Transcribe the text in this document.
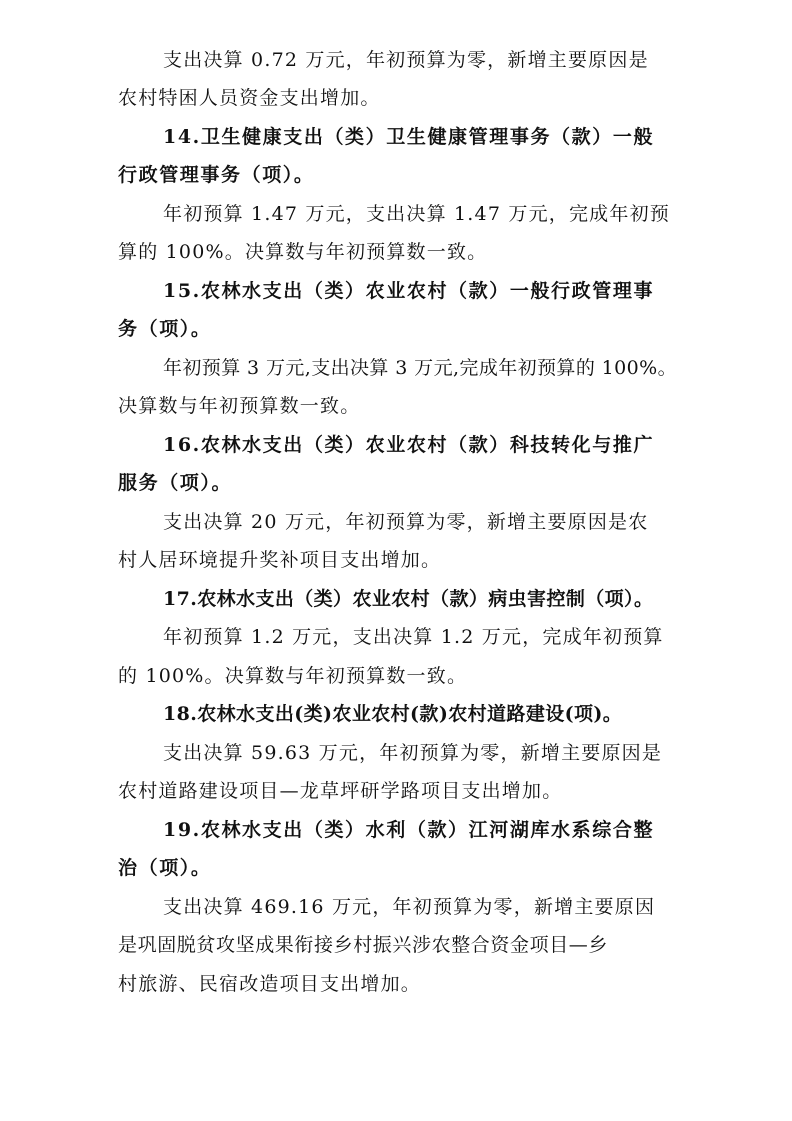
支出决算 0.72 万元，年初预算为零，新增主要原因是
农村特困人员资金支出增加。
14.卫生健康支出（类）卫生健康管理事务（款）一般
行政管理事务（项）。
年初预算 1.47 万元，支出决算 1.47 万元，完成年初预
算的 100%。决算数与年初预算数一致。
15.农林水支出（类）农业农村（款）一般行政管理事
务（项）。
年初预算 3 万元,支出决算 3 万元,完成年初预算的 100%。
决算数与年初预算数一致。
16.农林水支出（类）农业农村（款）科技转化与推广
服务（项）。
支出决算 20 万元，年初预算为零，新增主要原因是农
村人居环境提升奖补项目支出增加。
17.农林水支出（类）农业农村（款）病虫害控制（项）。
年初预算 1.2 万元，支出决算 1.2 万元，完成年初预算
的 100%。决算数与年初预算数一致。
18.农林水支出(类)农业农村(款)农村道路建设(项)。
支出决算 59.63 万元，年初预算为零，新增主要原因是
农村道路建设项目—龙草坪研学路项目支出增加。
19.农林水支出（类）水利（款）江河湖库水系综合整
治（项）。
支出决算 469.16 万元，年初预算为零，新增主要原因
是巩固脱贫攻坚成果衔接乡村振兴涉农整合资金项目—乡
村旅游、民宿改造项目支出增加。
